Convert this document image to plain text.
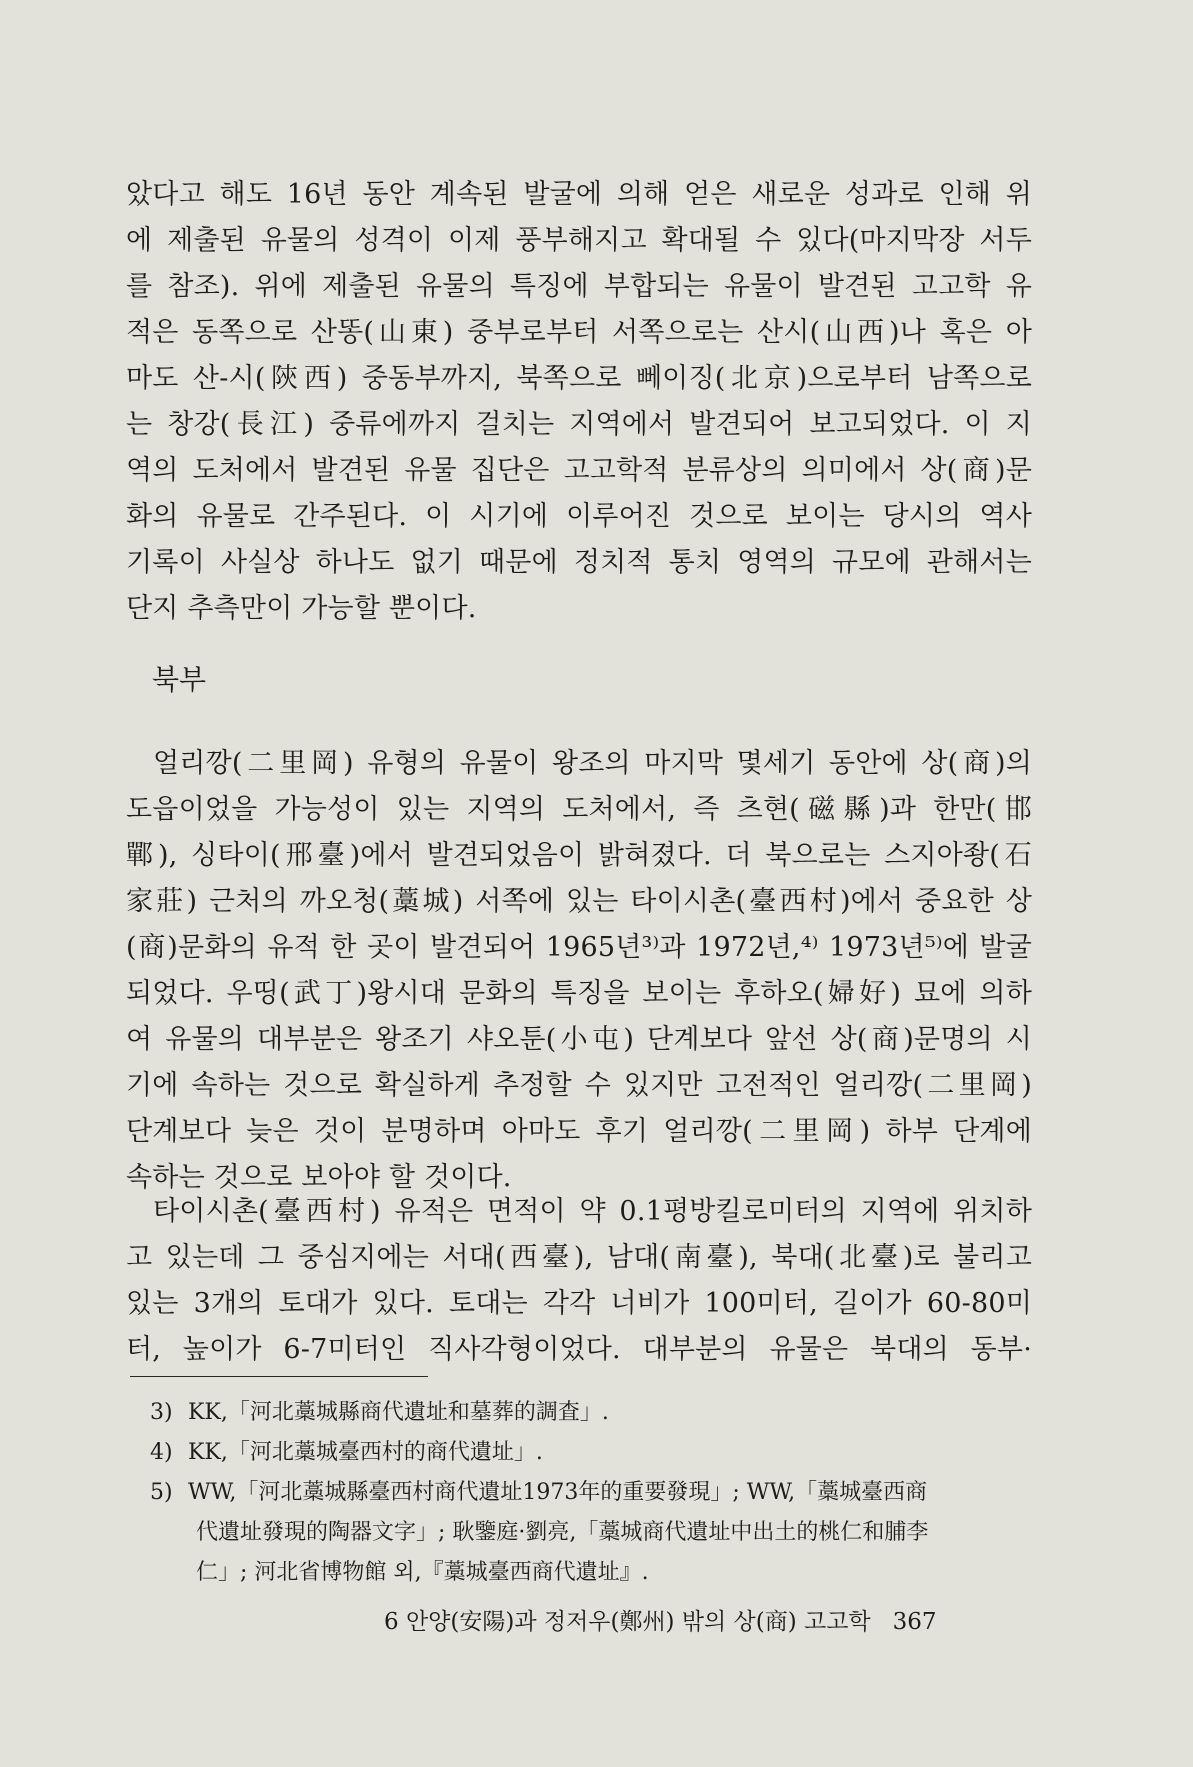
았다고 해도 16년 동안 계속된 발굴에 의해 얻은 새로운 성과로 인해 위
에 제출된 유물의 성격이 이제 풍부해지고 확대될 수 있다(마지막장 서두
를 참조). 위에 제출된 유물의 특징에 부합되는 유물이 발견된 고고학 유
적은 동쪽으로 산똥(山東) 중부로부터 서쪽으로는 산시(山西)나 혹은 아
마도 산-시(陝西) 중동부까지, 북쪽으로 뻬이징(北京)으로부터 남쪽으로
는 창강(長江) 중류에까지 걸치는 지역에서 발견되어 보고되었다. 이 지
역의 도처에서 발견된 유물 집단은 고고학적 분류상의 의미에서 상(商)문
화의 유물로 간주된다. 이 시기에 이루어진 것으로 보이는 당시의 역사
기록이 사실상 하나도 없기 때문에 정치적 통치 영역의 규모에 관해서는
단지 추측만이 가능할 뿐이다.
북부
얼리깡(二里岡) 유형의 유물이 왕조의 마지막 몇세기 동안에 상(商)의
도읍이었을 가능성이 있는 지역의 도처에서, 즉 츠현(磁縣)과 한만(邯
鄲), 싱타이(邢臺)에서 발견되었음이 밝혀졌다. 더 북으로는 스지아좡(石
家莊) 근처의 까오청(藁城) 서쪽에 있는 타이시촌(臺西村)에서 중요한 상
(商)문화의 유적 한 곳이 발견되어 1965년³⁾과 1972년,⁴⁾ 1973년⁵⁾에 발굴
되었다. 우띵(武丁)왕시대 문화의 특징을 보이는 후하오(婦好) 묘에 의하
여 유물의 대부분은 왕조기 샤오툰(小屯) 단계보다 앞선 상(商)문명의 시
기에 속하는 것으로 확실하게 추정할 수 있지만 고전적인 얼리깡(二里岡)
단계보다 늦은 것이 분명하며 아마도 후기 얼리깡(二里岡) 하부 단계에
속하는 것으로 보아야 할 것이다.
타이시촌(臺西村) 유적은 면적이 약 0.1평방킬로미터의 지역에 위치하
고 있는데 그 중심지에는 서대(西臺), 남대(南臺), 북대(北臺)로 불리고
있는 3개의 토대가 있다. 토대는 각각 너비가 100미터, 길이가 60-80미
터, 높이가 6-7미터인 직사각형이었다. 대부분의 유물은 북대의 동부·
3) KK,「河北藁城縣商代遺址和墓葬的調査」.
4) KK,「河北藁城臺西村的商代遺址」.
5) WW,「河北藁城縣臺西村商代遺址1973年的重要發現」; WW,「藁城臺西商
代遺址發現的陶器文字」; 耿鑒庭·劉亮,「藁城商代遺址中出土的桃仁和脯李
仁」; 河北省博物館 외,『藁城臺西商代遺址』.
6 안양(安陽)과 정저우(鄭州) 밖의 상(商) 고고학 367
